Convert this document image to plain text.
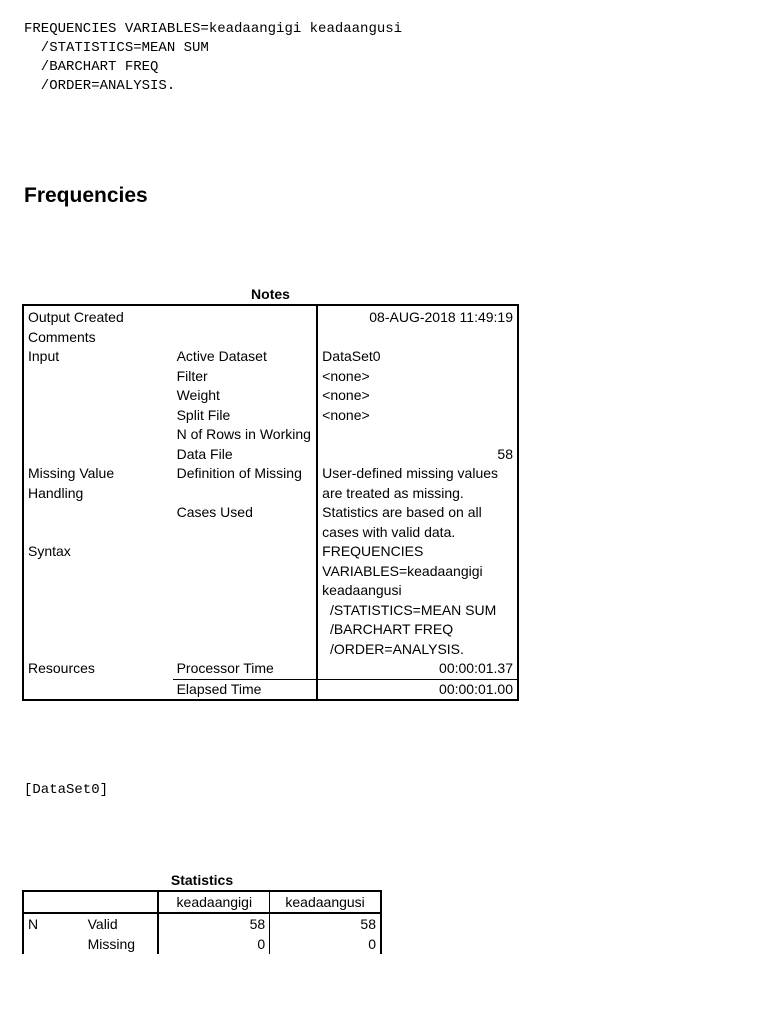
FREQUENCIES VARIABLES=keadaangigi keadaangusi
/STATISTICS=MEAN SUM
/BARCHART FREQ
/ORDER=ANALYSIS.
Frequencies
Notes
Output Created		08-AUG-2018 11:49:19
Comments		
Input	Active Dataset	DataSet0
	Filter	<none>
	Weight	<none>
	Split File	<none>
	N of Rows in Working Data File	58
Missing Value Handling	Definition of Missing	User-defined missing values are treated as missing.
	Cases Used	Statistics are based on all cases with valid data.
Syntax		FREQUENCIES VARIABLES=keadaangigi keadaangusi
/STATISTICS=MEAN SUM
/BARCHART FREQ
/ORDER=ANALYSIS.
Resources	Processor Time	00:00:01.37
	Elapsed Time	00:00:01.00
[DataSet0]
Statistics
		keadaangigi	keadaangusi
N	Valid	58	58
	Missing	0	0
